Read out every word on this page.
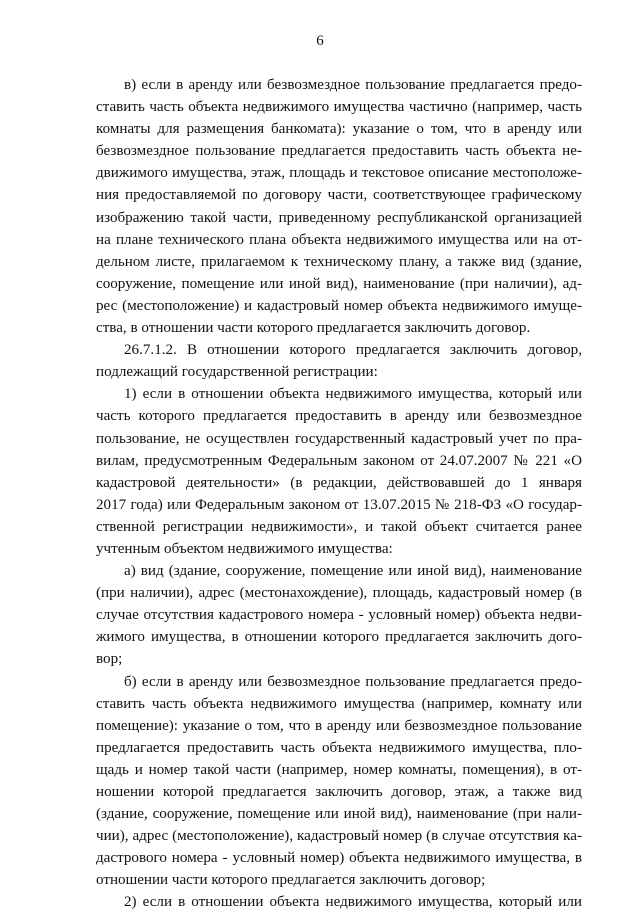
6
в) если в аренду или безвозмездное пользование предлагается предо-
ставить часть объекта недвижимого имущества частично (например, часть
комнаты для размещения банкомата): указание о том, что в аренду или
безвозмездное пользование предлагается предоставить часть объекта не-
движимого имущества, этаж, площадь и текстовое описание местоположе-
ния предоставляемой по договору части, соответствующее графическому
изображению такой части, приведенному республиканской организацией
на плане технического плана объекта недвижимого имущества или на от-
дельном листе, прилагаемом к техническому плану, а также вид (здание,
сооружение, помещение или иной вид), наименование (при наличии), ад-
рес (местоположение) и кадастровый номер объекта недвижимого имуще-
ства, в отношении части которого предлагается заключить договор.
26.7.1.2. В отношении которого предлагается заключить договор,
подлежащий государственной регистрации:
1) если в отношении объекта недвижимого имущества, который или
часть которого предлагается предоставить в аренду или безвозмездное
пользование, не осуществлен государственный кадастровый учет по пра-
вилам, предусмотренным Федеральным законом от 24.07.2007 № 221 «О
кадастровой деятельности» (в редакции, действовавшей до 1 января
2017 года) или Федеральным законом от 13.07.2015 № 218-ФЗ «О государ-
ственной регистрации недвижимости», и такой объект считается ранее
учтенным объектом недвижимого имущества:
а) вид (здание, сооружение, помещение или иной вид), наименование
(при наличии), адрес (местонахождение), площадь, кадастровый номер (в
случае отсутствия кадастрового номера - условный номер) объекта недви-
жимого имущества, в отношении которого предлагается заключить дого-
вор;
б) если в аренду или безвозмездное пользование предлагается предо-
ставить часть объекта недвижимого имущества (например, комнату или
помещение): указание о том, что в аренду или безвозмездное пользование
предлагается предоставить часть объекта недвижимого имущества, пло-
щадь и номер такой части (например, номер комнаты, помещения), в от-
ношении которой предлагается заключить договор, этаж, а также вид
(здание, сооружение, помещение или иной вид), наименование (при нали-
чии), адрес (местоположение), кадастровый номер (в случае отсутствия ка-
дастрового номера - условный номер) объекта недвижимого имущества, в
отношении части которого предлагается заключить договор;
2) если в отношении объекта недвижимого имущества, который или
